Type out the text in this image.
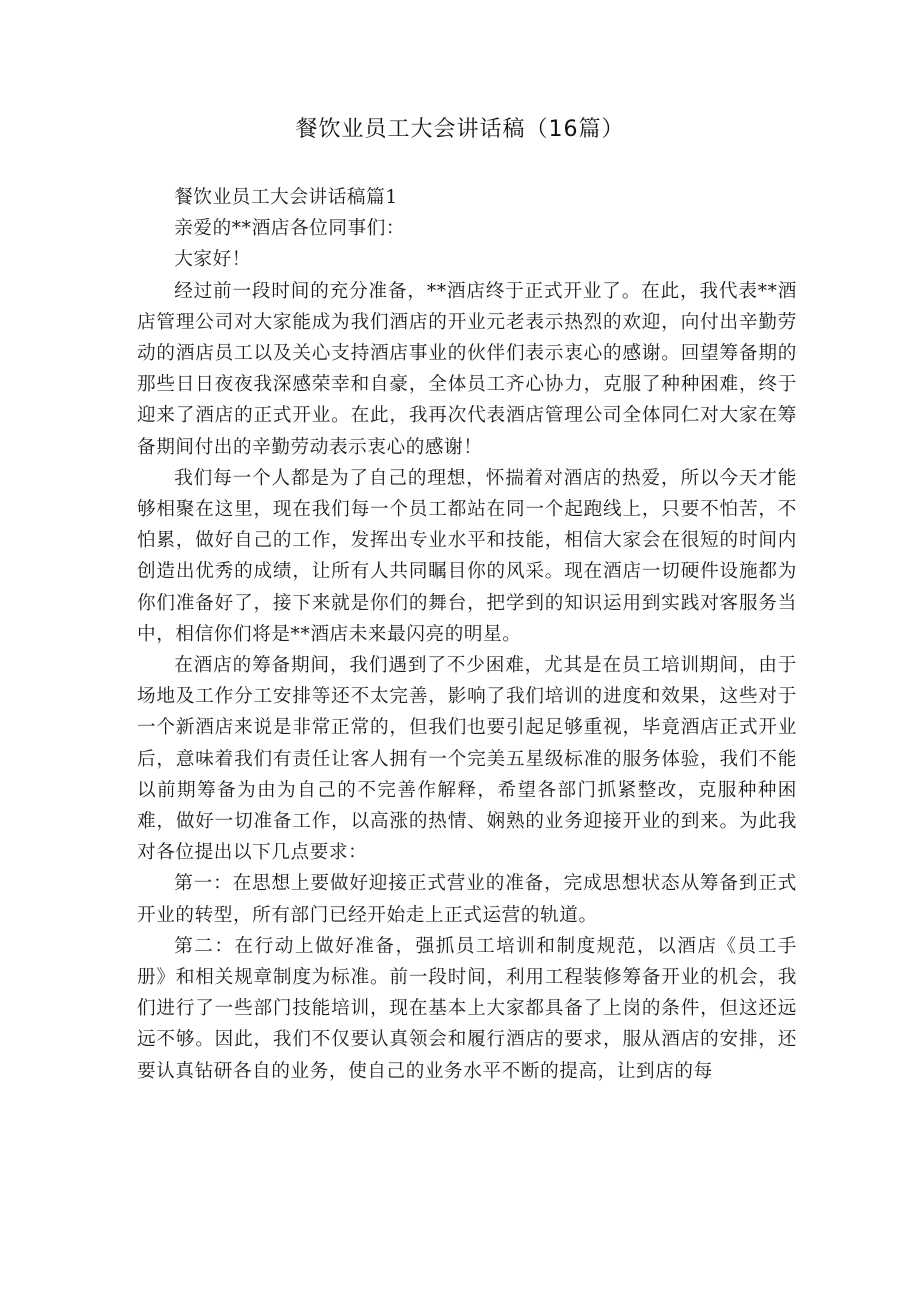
餐饮业员工大会讲话稿（16篇）

餐饮业员工大会讲话稿篇1

亲爱的**酒店各位同事们：

大家好！

经过前一段时间的充分准备，**酒店终于正式开业了。在此，我代表**酒店管理公司对大家能成为我们酒店的开业元老表示热烈的欢迎，向付出辛勤劳动的酒店员工以及关心支持酒店事业的伙伴们表示衷心的感谢。回望筹备期的那些日日夜夜我深感荣幸和自豪，全体员工齐心协力，克服了种种困难，终于迎来了酒店的正式开业。在此，我再次代表酒店管理公司全体同仁对大家在筹备期间付出的辛勤劳动表示衷心的感谢！

我们每一个人都是为了自己的理想，怀揣着对酒店的热爱，所以今天才能够相聚在这里，现在我们每一个员工都站在同一个起跑线上，只要不怕苦，不怕累，做好自己的工作，发挥出专业水平和技能，相信大家会在很短的时间内创造出优秀的成绩，让所有人共同瞩目你的风采。现在酒店一切硬件设施都为你们准备好了，接下来就是你们的舞台，把学到的知识运用到实践对客服务当中，相信你们将是**酒店未来最闪亮的明星。

在酒店的筹备期间，我们遇到了不少困难，尤其是在员工培训期间，由于场地及工作分工安排等还不太完善，影响了我们培训的进度和效果，这些对于一个新酒店来说是非常正常的，但我们也要引起足够重视，毕竟酒店正式开业后，意味着我们有责任让客人拥有一个完美五星级标准的服务体验，我们不能以前期筹备为由为自己的不完善作解释，希望各部门抓紧整改，克服种种困难，做好一切准备工作，以高涨的热情、娴熟的业务迎接开业的到来。为此我对各位提出以下几点要求：

第一：在思想上要做好迎接正式营业的准备，完成思想状态从筹备到正式开业的转型，所有部门已经开始走上正式运营的轨道。

第二：在行动上做好准备，强抓员工培训和制度规范，以酒店《员工手册》和相关规章制度为标准。前一段时间，利用工程装修筹备开业的机会，我们进行了一些部门技能培训，现在基本上大家都具备了上岗的条件，但这还远远不够。因此，我们不仅要认真领会和履行酒店的要求，服从酒店的安排，还要认真钻研各自的业务，使自己的业务水平不断的提高，让到店的每
